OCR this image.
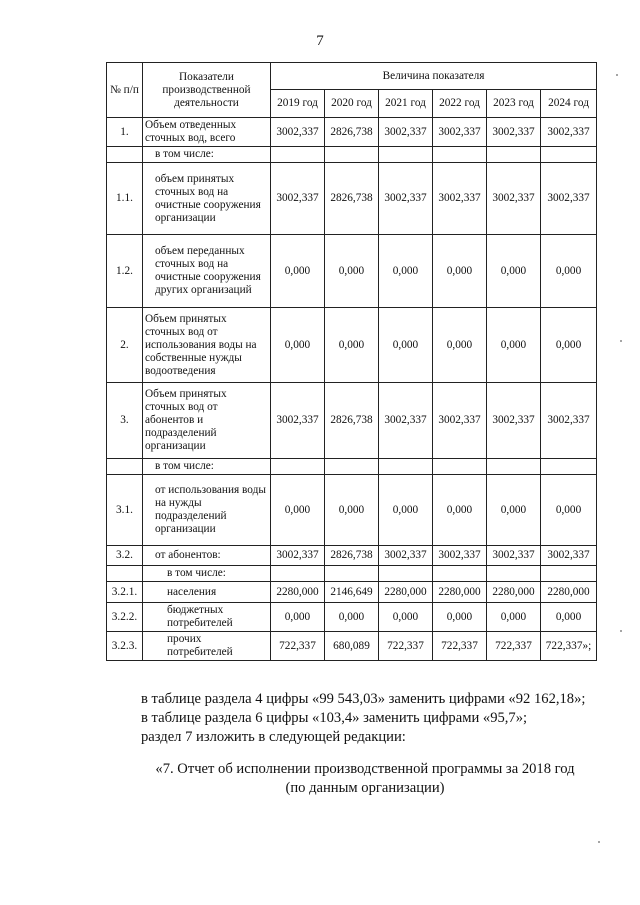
7
№ п/п	Показатели производственной деятельности	Величина показателя					
		2019 год	2020 год	2021 год	2022 год	2023 год	2024 год
1.	Объем отведенных сточных вод, всего	3002,337	2826,738	3002,337	3002,337	3002,337	3002,337
	в том числе:						
1.1.	объем принятых сточных вод на очистные сооружения организации	3002,337	2826,738	3002,337	3002,337	3002,337	3002,337
1.2.	объем переданных сточных вод на очистные сооружения других организаций	0,000	0,000	0,000	0,000	0,000	0,000
2.	Объем принятых сточных вод от использования воды на собственные нужды водоотведения	0,000	0,000	0,000	0,000	0,000	0,000
3.	Объем принятых сточных вод от абонентов и подразделений организации	3002,337	2826,738	3002,337	3002,337	3002,337	3002,337
	в том числе:						
3.1.	от использования воды на нужды подразделений организации	0,000	0,000	0,000	0,000	0,000	0,000
3.2.	от абонентов:	3002,337	2826,738	3002,337	3002,337	3002,337	3002,337
	в том числе:						
3.2.1.	населения	2280,000	2146,649	2280,000	2280,000	2280,000	2280,000
3.2.2.	бюджетных потребителей	0,000	0,000	0,000	0,000	0,000	0,000
3.2.3.	прочих потребителей	722,337	680,089	722,337	722,337	722,337	722,337»;
в таблице раздела 4 цифры «99 543,03» заменить цифрами «92 162,18»;
в таблице раздела 6 цифры «103,4» заменить цифрами «95,7»;
раздел 7 изложить в следующей редакции:
«7. Отчет об исполнении производственной программы за 2018 год
(по данным организации)
